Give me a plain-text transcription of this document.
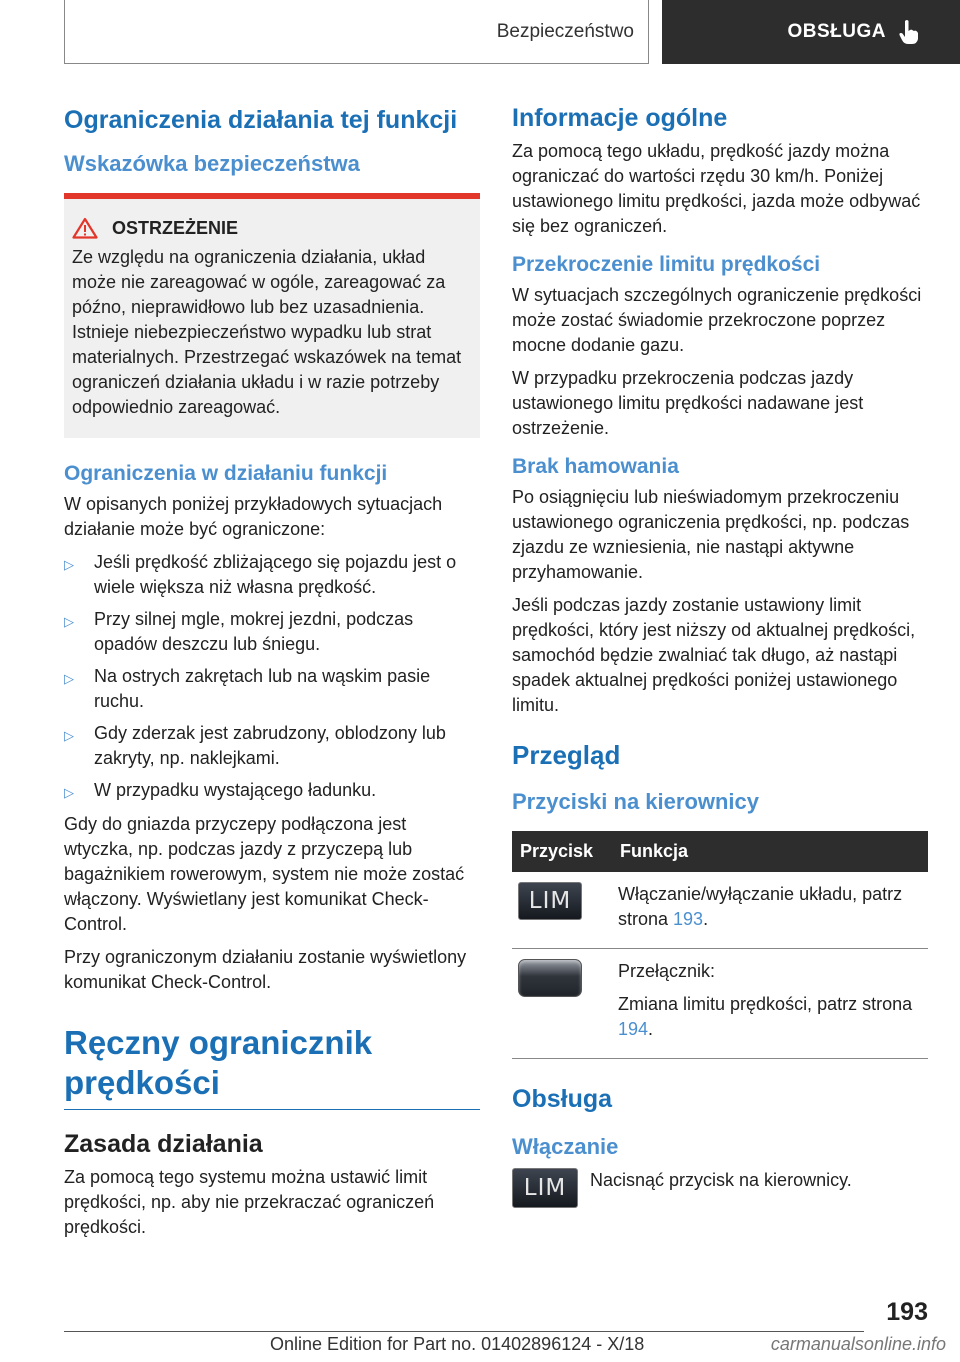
Bezpieczeństwo	OBSŁUGA
Ograniczenia działania tej funkcji
Wskazówka bezpieczeństwa
OSTRZEŻENIE

Ze względu na ograniczenia działania, układ może nie zareagować w ogóle, zareagować za późno, nieprawidłowo lub bez uzasadnienia. Istnieje niebezpieczeństwo wypadku lub strat materialnych. Przestrzegać wskazówek na temat ograniczeń działania układu i w razie potrzeby odpowiednio zareagować.

Ograniczenia w działaniu funkcji

W opisanych poniżej przykładowych sytuacjach działanie może być ograniczone:

▷	Jeśli prędkość zbliżającego się pojazdu jest o wiele większa niż własna prędkość.
▷	Przy silnej mgle, mokrej jezdni, podczas opadów deszczu lub śniegu.
▷	Na ostrych zakrętach lub na wąskim pasie ruchu.
▷	Gdy zderzak jest zabrudzony, oblodzony lub zakryty, np. naklejkami.
▷	W przypadku wystającego ładunku.

Gdy do gniazda przyczepy podłączona jest wtyczka, np. podczas jazdy z przyczepą lub bagażnikiem rowerowym, system nie może zostać włączony. Wyświetlany jest komunikat Check-Control.

Przy ograniczonym działaniu zostanie wyświetlony komunikat Check-Control.

Ręczny ogranicznik
prędkości
Zasada działania

Za pomocą tego systemu można ustawić limit prędkości, np. aby nie przekraczać ograniczeń prędkości.

Informacje ogólne

Za pomocą tego układu, prędkość jazdy można ograniczać do wartości rzędu 30 km/h. Poniżej ustawionego limitu prędkości, jazda może odbywać się bez ograniczeń.

Przekroczenie limitu prędkości

W sytuacjach szczególnych ograniczenie prędkości może zostać świadomie przekroczone poprzez mocne dodanie gazu.

W przypadku przekroczenia podczas jazdy ustawionego limitu prędkości nadawane jest ostrzeżenie.

Brak hamowania

Po osiągnięciu lub nieświadomym przekroczeniu ustawionego ograniczenia prędkości, np. podczas zjazdu ze wzniesienia, nie nastąpi aktywne przyhamowanie.

Jeśli podczas jazdy zostanie ustawiony limit prędkości, który jest niższy od aktualnej prędkości, samochód będzie zwalniać tak długo, aż nastąpi spadek aktualnej prędkości poniżej ustawionego limitu.

Przegląd
Przyciski na kierownicy
Przycisk	Funkcja

LIM	Włączanie/wyłączanie układu, patrz strona 193.

	Przełącznik:

Zmiana limitu prędkości, patrz strona 194.

Obsługa
Włączanie
LIM	Nacisnąć przycisk na kierownicy.

193
Online Edition for Part no. 01402896124 - X/18	carmanualsonline.info
